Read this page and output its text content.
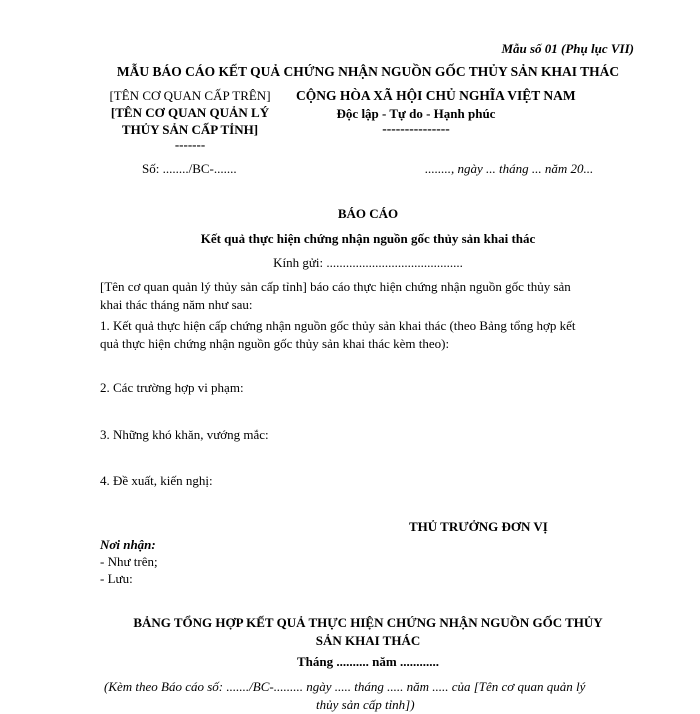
Mẫu số 01 (Phụ lục VII)
MẪU BÁO CÁO KẾT QUẢ CHỨNG NHẬN NGUỒN GỐC THỦY SẢN KHAI THÁC
[TÊN CƠ QUAN CẤP TRÊN]
[TÊN CƠ QUAN QUẢN LÝ
THỦY SẢN CẤP TỈNH]
-------
CỘNG HÒA XÃ HỘI CHỦ NGHĨA VIỆT NAM
Độc lập - Tự do - Hạnh phúc
---------------
Số: ......../BC-.......	........, ngày ... tháng ... năm 20...
BÁO CÁO
Kết quả thực hiện chứng nhận nguồn gốc thủy sản khai thác
Kính gửi: ..........................................
[Tên cơ quan quản lý thủy sản cấp tỉnh] báo cáo thực hiện chứng nhận nguồn gốc thủy sản
khai thác tháng năm như sau:
1. Kết quả thực hiện cấp chứng nhận nguồn gốc thủy sản khai thác (theo Bảng tổng hợp kết
quả thực hiện chứng nhận nguồn gốc thủy sản khai thác kèm theo):
2. Các trường hợp vi phạm:
3. Những khó khăn, vướng mắc:
4. Đề xuất, kiến nghị:
THỦ TRƯỞNG ĐƠN VỊ
Nơi nhận:
- Như trên;
- Lưu:
BẢNG TỔNG HỢP KẾT QUẢ THỰC HIỆN CHỨNG NHẬN NGUỒN GỐC THỦY
SẢN KHAI THÁC
Tháng .......... năm ............
(Kèm theo Báo cáo số: ......./BC-......... ngày ..... tháng ..... năm ..... của [Tên cơ quan quản lý
thủy sản cấp tỉnh])
